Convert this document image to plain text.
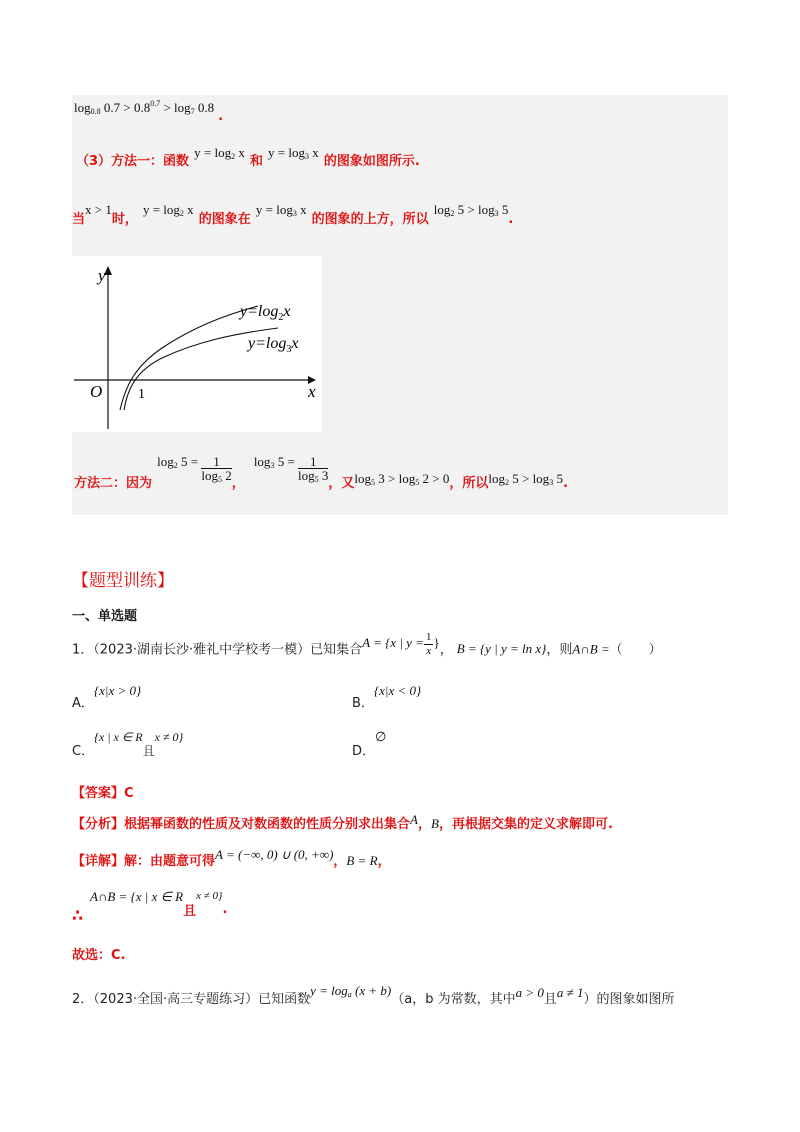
$\log_{0.8} 0.7 > 0.8^{0.7} > \log_7 0.8$.
（3）方法一：函数 $^{y = log_2 x}$ 和 $^{y = log_3 x}$ 的图象如图所示.
当$^{x > 1}$时， $^{y = log_2 x}$ 的图象在 $^{y = log_3 x}$ 的图象的上方，所以 $^{log_2 5 > log_3 5}$.
y
x
O	1
$y=\log_2x$
$y=\log_3x$
$_{方法二:因为}$ $\log_2 5 = \frac{1}{\log_5 2} _,$ $\log_3 5 = \frac{1}{\log_5 3} _{,又log_5 3 > log_5 2 > 0,所以log_2 5 > log_3 5.}$
【题型训练】
一、单选题
1．（2023·湖南长沙·雅礼中学校考一模）已知集合A = {x | $y = \frac{1}{x}$ }， B = {y | y = ln x}，则A∩B =（　　）
A．{x|x > 0}
B．{x|x < 0}
C．{x | x ∈ R且x ≠ 0}
D．∅
【答案】C
【分析】根据幂函数的性质及对数函数的性质分别求出集合A，B，再根据交集的定义求解即可.
【详解】解：由题意可得A = (−∞, 0) ∪ (0, +∞)，B = R，
$^{A\cap B = \{x | x \in R}_且^{x \ne 0\}}_.$
∴
故选：C.
2．（2023·全国·高三专题练习）已知函数$y = \log_a (x + b)(a$，b 为常数，其中a > 0且a ≠ 1）的图象如图所
